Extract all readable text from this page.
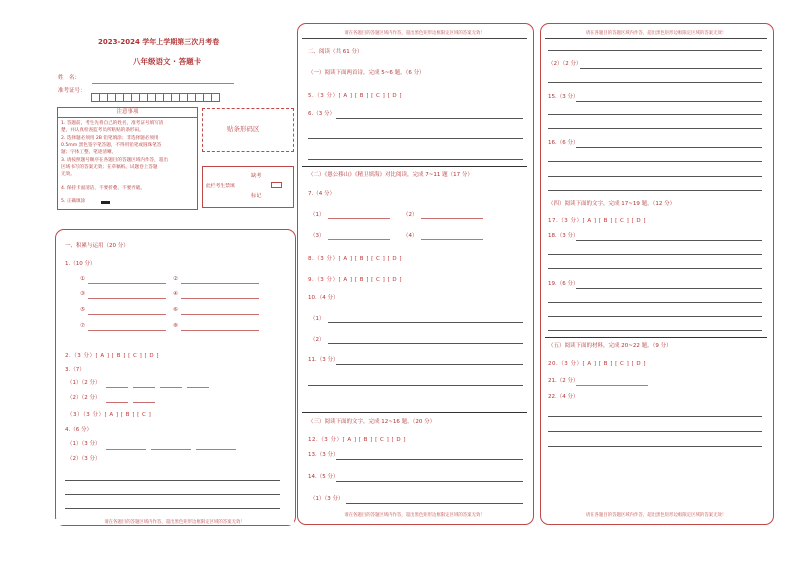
2023-2024 学年上学期第三次月考卷
八年级语文 · 答题卡
姓　名：
准考证号：
注意事项
1. 答题前，考生先将自己的姓名，准考证号填写清
楚，并认真检查监考员所粘贴的条形码。
2. 选择题必须用 2B 铅笔填涂；非选择题必须用
0.5mm 黑色签字笔答题，不得用铅笔或圆珠笔答
题；字体工整、笔迹清晰。
3. 请按照题号顺序在各题目的答题区域内作答，超出
区域书写的答案无效；在草稿纸、试题卷上答题
无效。
4. 保持卡面清洁，不要折叠、不要弄破。
5. 正确填涂
贴条形码区
此栏考生禁填
缺考
标记
一、积累与运用（20 分）
1.（10 分）
①	②
③	④
⑤	⑥
⑦	⑧
2.（3 分）[ A ] [ B ] [ C ] [ D ]
3.（7）
（1）（2 分）
（2）（2 分）
（3）（3 分）[ A ] [ B ] [ C ]
4.（6 分）
（1）（3 分）
（2）（3 分）
请在各题目的答题区域内作答，超出黑色矩形边框限定区域的答案无效！
请在各题目的答题区域内作答，超出黑色矩形边框限定区域的答案无效！
二、阅读（共 61 分）
（一）阅读下面两首诗，完成 5~6 题。（6 分）
5.（3 分）[ A ] [ B ] [ C ] [ D ]
6.（3 分）
（二）《愚公移山》《精卫填海》对比阅读，完成 7~11 题（17 分）
7.（4 分）
（1）	（2）
（3）	（4）
8.（3 分）[ A ] [ B ] [ C ] [ D ]
9.（3 分）[ A ] [ B ] [ C ] [ D ]
10.（4 分）
（1）
（2）
11.（3 分）
（三）阅读下面的文字，完成 12~16 题。（20 分）
12.（3 分）[ A ] [ B ] [ C ] [ D ]
13.（3 分）
14.（5 分）
（1）（3 分）
请在各题目的答题区域内作答，超出黑色矩形边框限定区域的答案无效！
请在各题目的答题区域内作答，超出黑色矩形边框限定区域的答案无效！
（2）（2 分）
15.（3 分）
16.（6 分）
（四）阅读下面的文字，完成 17~19 题。（12 分）
17.（3 分）[ A ] [ B ] [ C ] [ D ]
18.（3 分）
19.（6 分）
（五）阅读下面的材料，完成 20~22 题。（9 分）
20.（3 分）[ A ] [ B ] [ C ] [ D ]
21.（2 分）
22.（4 分）
请在各题目的答题区域内作答，超出黑色矩形边框限定区域的答案无效！
